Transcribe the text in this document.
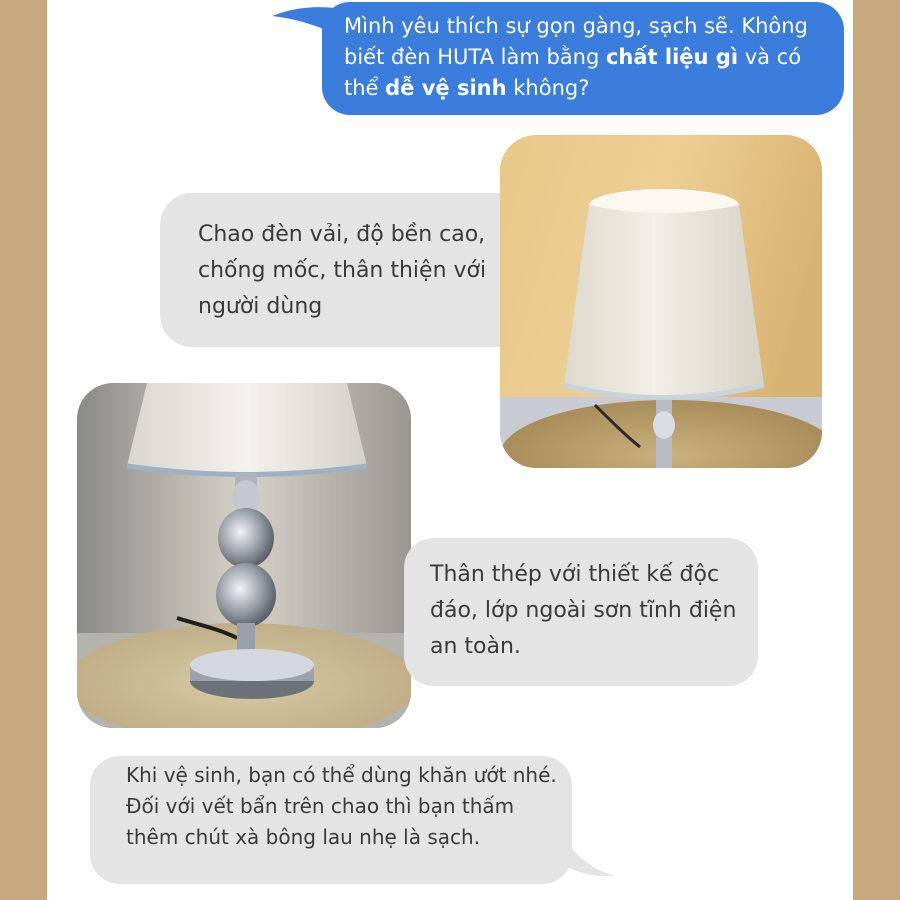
Mình yêu thích sự gọn gàng, sạch sẽ. Không biết đèn HUTA làm bằng chất liệu gì và có thể dễ vệ sinh không?
Chao đèn vải, độ bền cao, chống mốc, thân thiện với người dùng
Thân thép với thiết kế độc đáo, lớp ngoài sơn tĩnh điện an toàn.
Khi vệ sinh, bạn có thể dùng khăn ướt nhé. Đối với vết bẩn trên chao thì bạn thấm thêm chút xà bông lau nhẹ là sạch.
